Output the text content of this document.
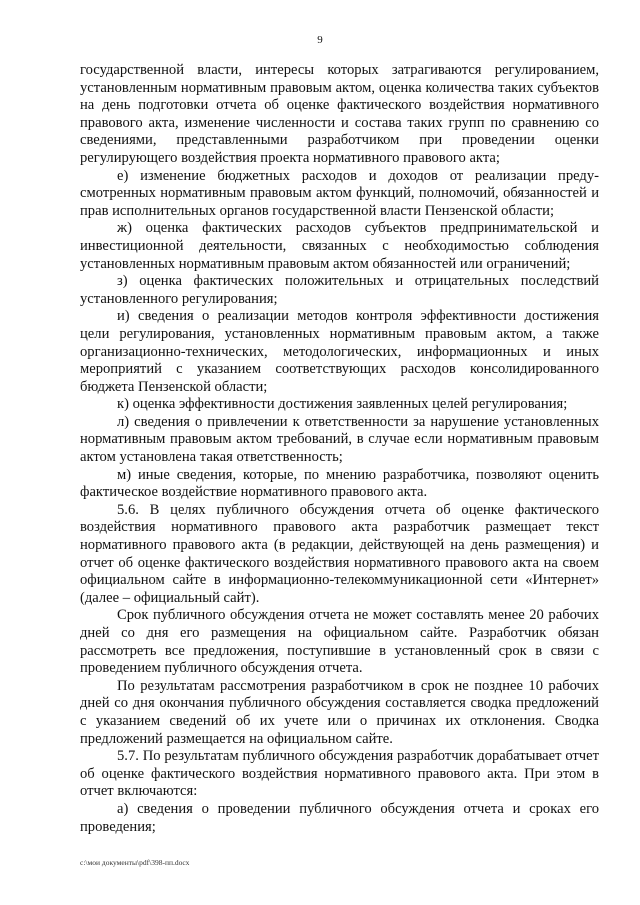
9

государственной власти, интересы которых затрагиваются регулированием, установленным нормативным правовым актом, оценка количества таких субъектов на день подготовки отчета об оценке фактического воздействия нормативного правового акта, изменение численности и состава таких групп по сравнению со сведениями, представленными разработчиком при проведении оценки регулирующего воздействия проекта нормативного правового акта;

е) изменение бюджетных расходов и доходов от реализации предусмотренных нормативным правовым актом функций, полномочий, обязанностей и прав исполнительных органов государственной власти Пензенской области;

ж) оценка фактических расходов субъектов предпринимательской и инвестиционной деятельности, связанных с необходимостью соблюдения установленных нормативным правовым актом обязанностей или ограничений;

з) оценка фактических положительных и отрицательных последствий установленного регулирования;

и) сведения о реализации методов контроля эффективности достижения цели регулирования, установленных нормативным правовым актом, а также организационно-технических, методологических, информационных и иных мероприятий с указанием соответствующих расходов консолидированного бюджета Пензенской области;

к) оценка эффективности достижения заявленных целей регулирования;

л) сведения о привлечении к ответственности за нарушение установленных нормативным правовым актом требований, в случае если нормативным правовым актом установлена такая ответственность;

м) иные сведения, которые, по мнению разработчика, позволяют оценить фактическое воздействие нормативного правового акта.

5.6. В целях публичного обсуждения отчета об оценке фактического воздействия нормативного правового акта разработчик размещает текст нормативного правового акта (в редакции, действующей на день размещения) и отчет об оценке фактического воздействия нормативного правового акта на своем официальном сайте в информационно-телекоммуникационной сети «Интернет» (далее – официальный сайт).

Срок публичного обсуждения отчета не может составлять менее 20 рабочих дней со дня его размещения на официальном сайте. Разработчик обязан рассмотреть все предложения, поступившие в установленный срок в связи с проведением публичного обсуждения отчета.

По результатам рассмотрения разработчиком в срок не позднее 10 рабочих дней со дня окончания публичного обсуждения составляется сводка предложений с указанием сведений об их учете или о причинах их отклонения. Сводка предложений размещается на официальном сайте.

5.7. По результатам публичного обсуждения разработчик дорабатывает отчет об оценке фактического воздействия нормативного правового акта. При этом в отчет включаются:

а) сведения о проведении публичного обсуждения отчета и сроках его проведения;

c:\мои документы\pdf\398-пп.docx
